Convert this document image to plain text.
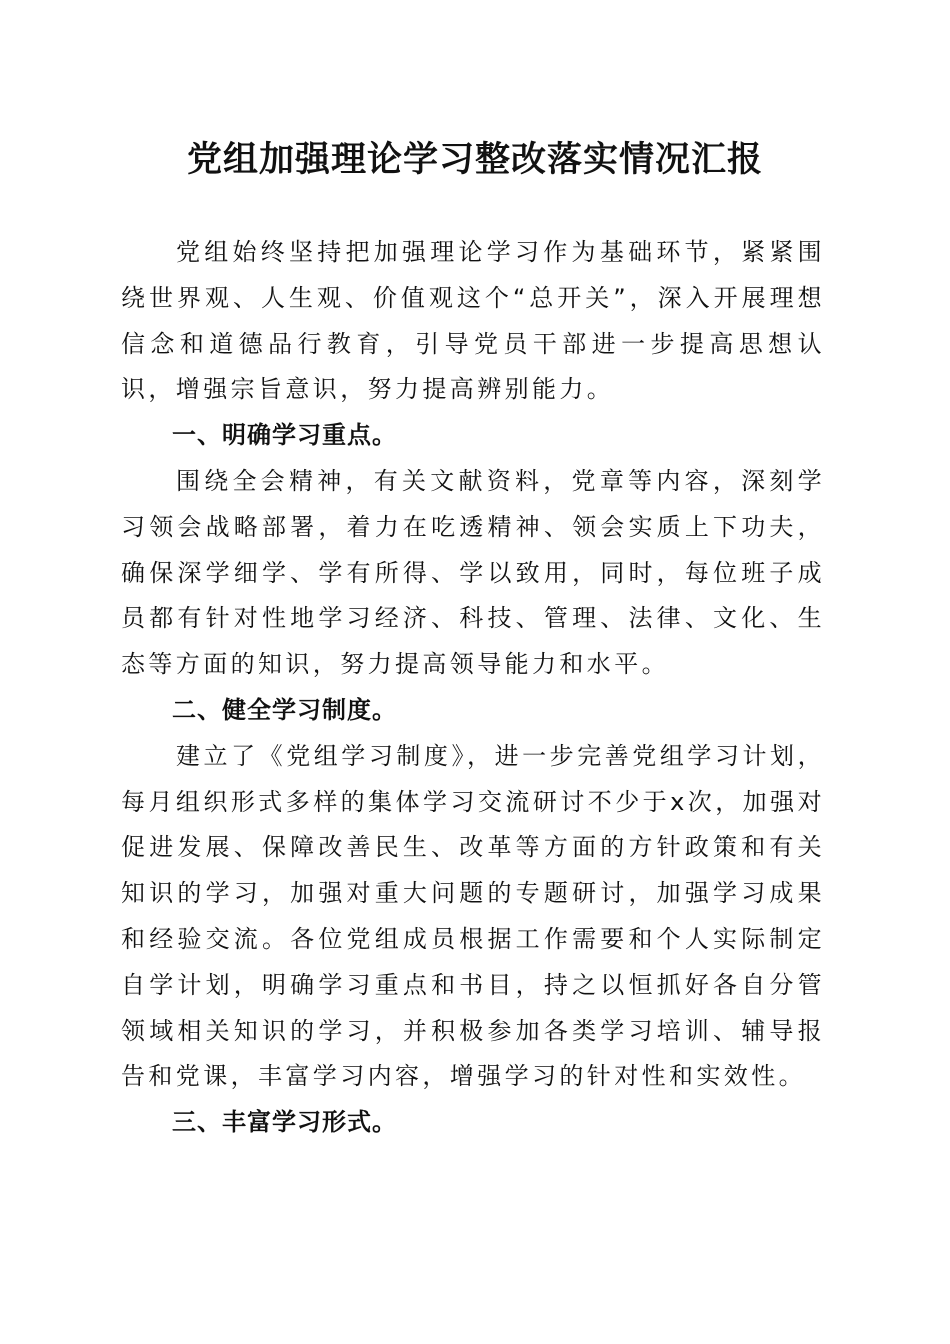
党组加强理论学习整改落实情况汇报

党组始终坚持把加强理论学习作为基础环节，紧紧围绕世界观、人生观、价值观这个“总开关”，深入开展理想信念和道德品行教育，引导党员干部进一步提高思想认识，增强宗旨意识，努力提高辨别能力。

一、明确学习重点。

围绕全会精神，有关文献资料，党章等内容，深刻学习领会战略部署，着力在吃透精神、领会实质上下功夫，确保深学细学、学有所得、学以致用，同时，每位班子成员都有针对性地学习经济、科技、管理、法律、文化、生态等方面的知识，努力提高领导能力和水平。

二、健全学习制度。

建立了《党组学习制度》，进一步完善党组学习计划，每月组织形式多样的集体学习交流研讨不少于x次，加强对促进发展、保障改善民生、改革等方面的方针政策和有关知识的学习，加强对重大问题的专题研讨，加强学习成果和经验交流。各位党组成员根据工作需要和个人实际制定自学计划，明确学习重点和书目，持之以恒抓好各自分管领域相关知识的学习，并积极参加各类学习培训、辅导报告和党课，丰富学习内容，增强学习的针对性和实效性。

三、丰富学习形式。
